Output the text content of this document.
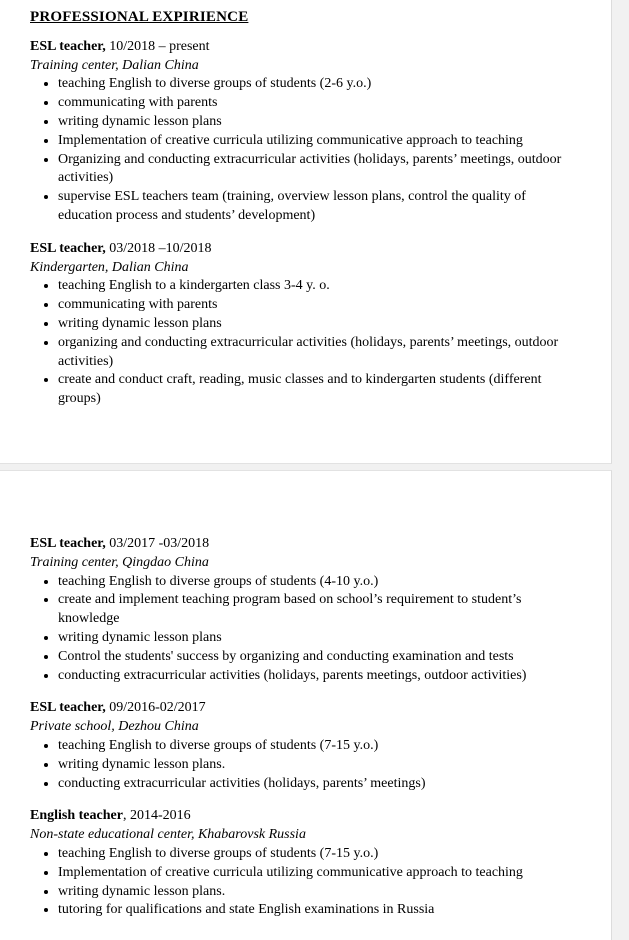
PROFESSIONAL EXPIRIENCE

ESL teacher, 10/2018 – present

Training center, Dalian China

• teaching English to diverse groups of students (2-6 y.o.)
• communicating with parents
• writing dynamic lesson plans
• Implementation of creative curricula utilizing communicative approach to teaching
• Organizing and conducting extracurricular activities (holidays, parents’ meetings, outdoor activities)
• supervise ESL teachers team (training, overview lesson plans, control the quality of education process and students’ development)

ESL teacher, 03/2018 –10/2018

Kindergarten, Dalian China

• teaching English to a kindergarten class 3-4 y. o.
• communicating with parents
• writing dynamic lesson plans
• organizing and conducting extracurricular activities (holidays, parents’ meetings, outdoor activities)
• create and conduct craft, reading, music classes and to kindergarten students (different groups)

ESL teacher, 03/2017 -03/2018

Training center, Qingdao China

• teaching English to diverse groups of students (4-10 y.o.)
• create and implement teaching program based on school’s requirement to student’s knowledge
• writing dynamic lesson plans
• Control the students' success by organizing and conducting examination and tests
• conducting extracurricular activities (holidays, parents meetings, outdoor activities)

ESL teacher, 09/2016-02/2017

Private school, Dezhou China

• teaching English to diverse groups of students (7-15 y.o.)
• writing dynamic lesson plans.
• conducting extracurricular activities (holidays, parents’ meetings)

English teacher, 2014-2016

Non-state educational center, Khabarovsk Russia

• teaching English to diverse groups of students (7-15 y.o.)
• Implementation of creative curricula utilizing communicative approach to teaching
• writing dynamic lesson plans.
• tutoring for qualifications and state English examinations in Russia
